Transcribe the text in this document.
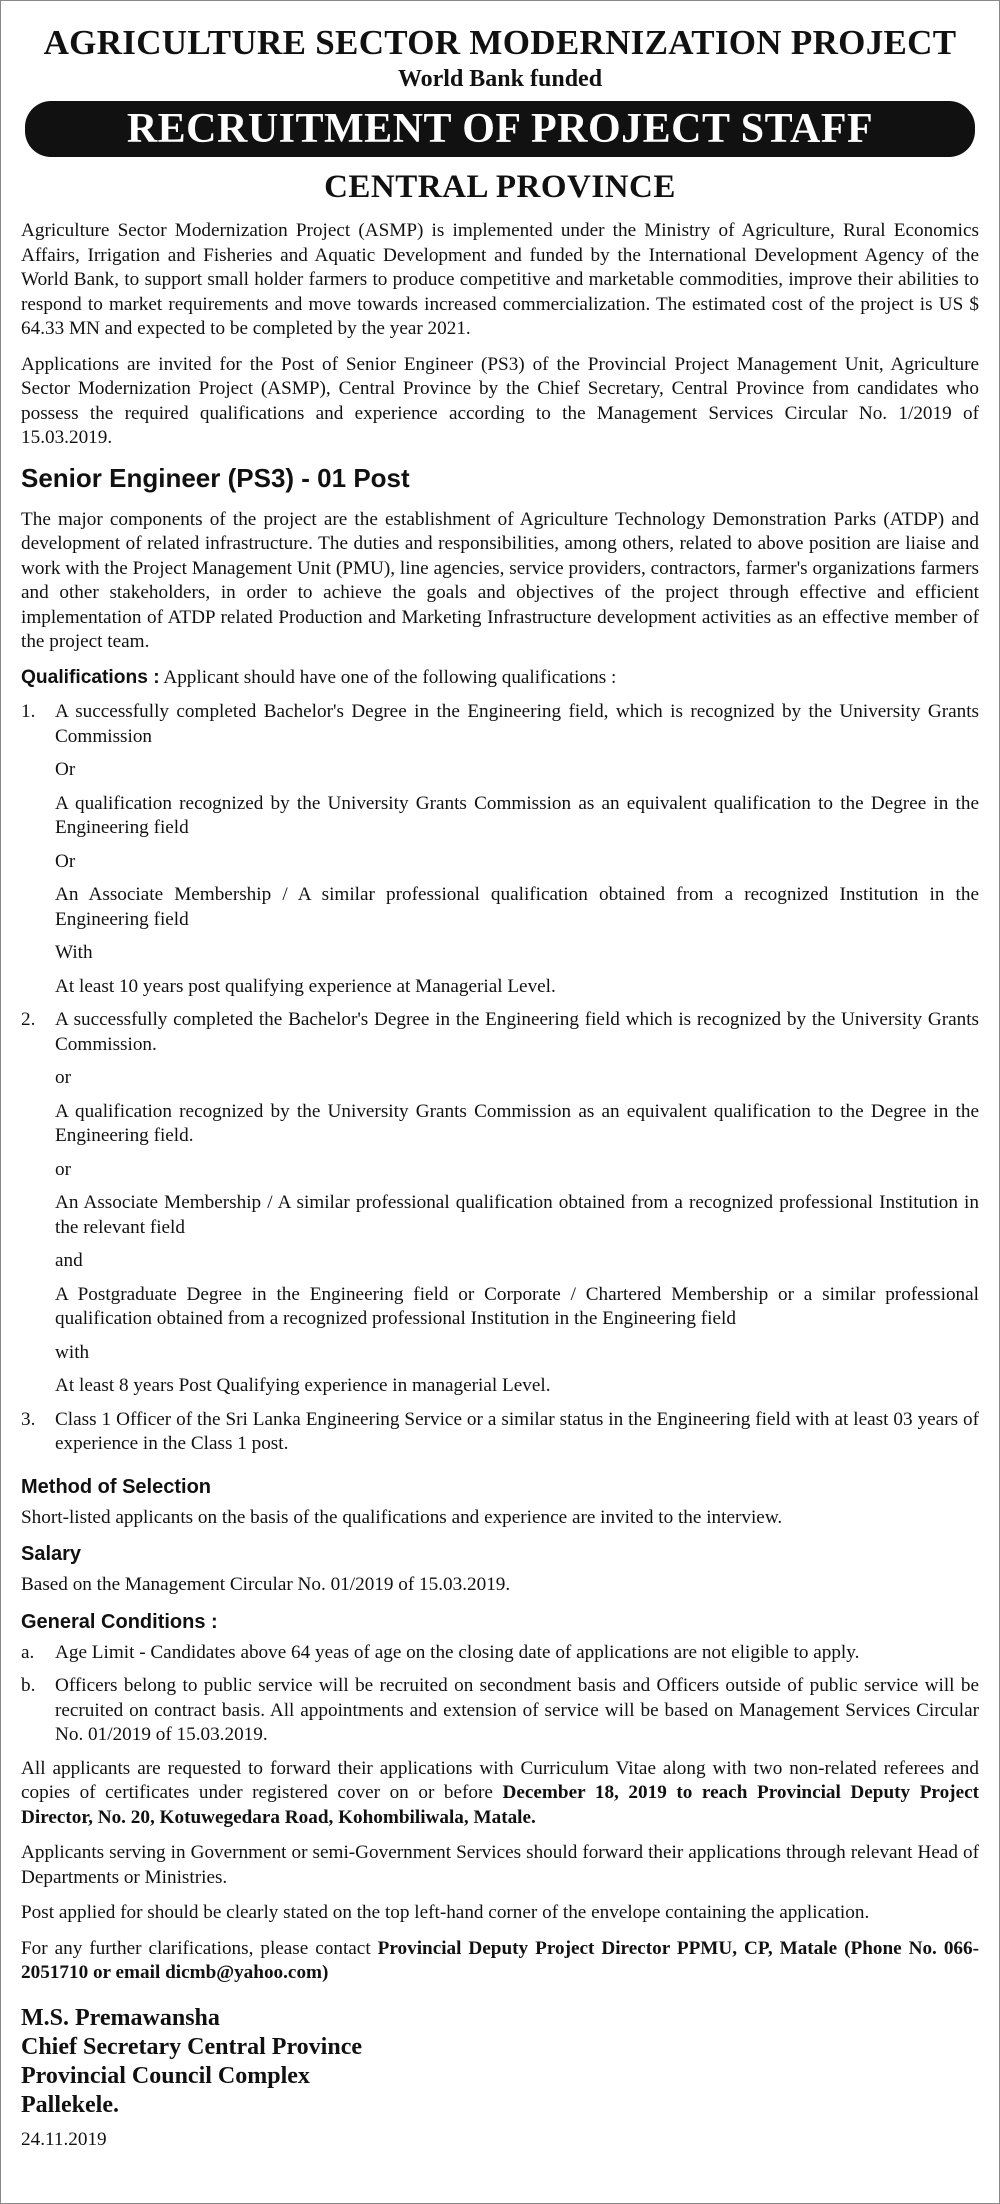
AGRICULTURE SECTOR MODERNIZATION PROJECT
World Bank funded
RECRUITMENT OF PROJECT STAFF
CENTRAL PROVINCE

Agriculture Sector Modernization Project (ASMP) is implemented under the Ministry of Agriculture, Rural Economics Affairs, Irrigation and Fisheries and Aquatic Development and funded by the International Development Agency of the World Bank, to support small holder farmers to produce competitive and marketable commodities, improve their abilities to respond to market requirements and move towards increased commercialization. The estimated cost of the project is US $ 64.33 MN and expected to be completed by the year 2021.

Applications are invited for the Post of Senior Engineer (PS3) of the Provincial Project Management Unit, Agriculture Sector Modernization Project (ASMP), Central Province by the Chief Secretary, Central Province from candidates who possess the required qualifications and experience according to the Management Services Circular No. 1/2019 of 15.03.2019.

Senior Engineer (PS3) - 01 Post

The major components of the project are the establishment of Agriculture Technology Demonstration Parks (ATDP) and development of related infrastructure. The duties and responsibilities, among others, related to above position are liaise and work with the Project Management Unit (PMU), line agencies, service providers, contractors, farmer's organizations farmers and other stakeholders, in order to achieve the goals and objectives of the project through effective and efficient implementation of ATDP related Production and Marketing Infrastructure development activities as an effective member of the project team.

Qualifications : Applicant should have one of the following qualifications :
1.	A successfully completed Bachelor's Degree in the Engineering field, which is recognized by the University Grants Commission

Or

A qualification recognized by the University Grants Commission as an equivalent qualification to the Degree in the Engineering field

Or

An Associate Membership / A similar professional qualification obtained from a recognized Institution in the Engineering field

With

At least 10 years post qualifying experience at Managerial Level.

2.	A successfully completed the Bachelor's Degree in the Engineering field which is recognized by the University Grants Commission.

or

A qualification recognized by the University Grants Commission as an equivalent qualification to the Degree in the Engineering field.

or

An Associate Membership / A similar professional qualification obtained from a recognized professional Institution in the relevant field

and

A Postgraduate Degree in the Engineering field or Corporate / Chartered Membership or a similar professional qualification obtained from a recognized professional Institution in the Engineering field

with

At least 8 years Post Qualifying experience in managerial Level.

3.	Class 1 Officer of the Sri Lanka Engineering Service or a similar status in the Engineering field with at least 03 years of experience in the Class 1 post.

Method of Selection

Short-listed applicants on the basis of the qualifications and experience are invited to the interview.

Salary

Based on the Management Circular No. 01/2019 of 15.03.2019.

General Conditions :
a.	Age Limit - Candidates above 64 yeas of age on the closing date of applications are not eligible to apply.
b.	Officers belong to public service will be recruited on secondment basis and Officers outside of public service will be recruited on contract basis. All appointments and extension of service will be based on Management Services Circular No. 01/2019 of 15.03.2019.

All applicants are requested to forward their applications with Curriculum Vitae along with two non-related referees and copies of certificates under registered cover on or before December 18, 2019 to reach Provincial Deputy Project Director, No. 20, Kotuwegedara Road, Kohombiliwala, Matale.

Applicants serving in Government or semi-Government Services should forward their applications through relevant Head of Departments or Ministries.

Post applied for should be clearly stated on the top left-hand corner of the envelope containing the application.

For any further clarifications, please contact Provincial Deputy Project Director PPMU, CP, Matale (Phone No. 066-2051710 or email dicmb@yahoo.com)

M.S. Premawansha
Chief Secretary Central Province
Provincial Council Complex
Pallekele.
24.11.2019
